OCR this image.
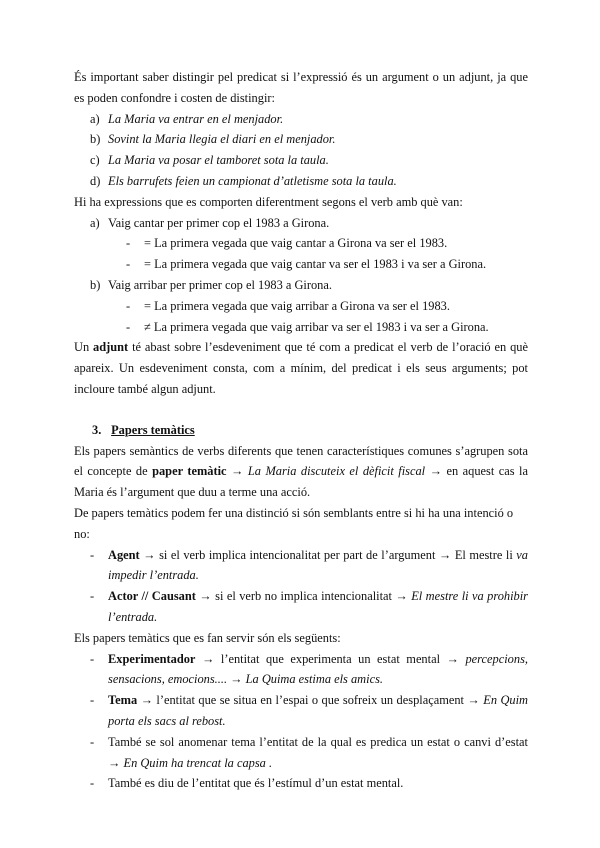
És important saber distingir pel predicat si l’expressió és un argument o un adjunt, ja que es poden confondre i costen de distingir:

a) La Maria va entrar en el menjador.
b) Sovint la Maria llegia el diari en el menjador.
c) La Maria va posar el tamboret sota la taula.
d) Els barrufets feien un campionat d’atletisme sota la taula.

Hi ha expressions que es comporten diferentment segons el verb amb què van:

a) Vaig cantar per primer cop el 1983 a Girona.
-	= La primera vegada que vaig cantar a Girona va ser el 1983.
-	= La primera vegada que vaig cantar va ser el 1983 i va ser a Girona.
b) Vaig arribar per primer cop el 1983 a Girona.
-	= La primera vegada que vaig arribar a Girona va ser el 1983.
-	≠ La primera vegada que vaig arribar va ser el 1983 i va ser a Girona.

Un adjunt té abast sobre l’esdeveniment que té com a predicat el verb de l’oració en què apareix. Un esdeveniment consta, com a mínim, del predicat i els seus arguments; pot incloure també algun adjunt.

3. Papers temàtics

Els papers semàntics de verbs diferents que tenen característiques comunes s’agrupen sota el concepte de paper temàtic → La Maria discuteix el dèficit fiscal → en aquest cas la Maria és l’argument que duu a terme una acció.

De papers temàtics podem fer una distinció si són semblants entre si hi ha una intenció o no:

-	Agent → si el verb implica intencionalitat per part de l’argument → El mestre li va impedir l’entrada.
-	Actor // Causant → si el verb no implica intencionalitat → El mestre li va prohibir l’entrada.

Els papers temàtics que es fan servir són els següents:

-	Experimentador → l’entitat que experimenta un estat mental → percepcions, sensacions, emocions.... → La Quima estima els amics.
-	Tema → l’entitat que se situa en l’espai o que sofreix un desplaçament → En Quim porta els sacs al rebost.
-	També se sol anomenar tema l’entitat de la qual es predica un estat o canvi d’estat → En Quim ha trencat la capsa .
-	També es diu de l’entitat que és l’estímul d’un estat mental.
